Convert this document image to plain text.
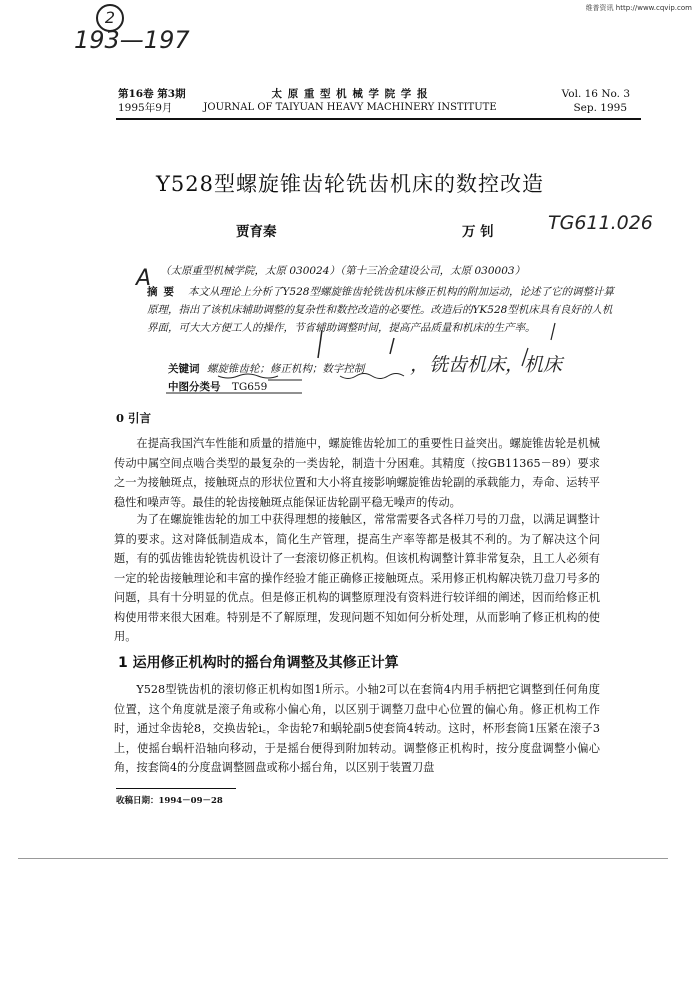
维普资讯 http://www.cqvip.com
2
193—197
第16卷 第3期
1995年9月
太 原 重 型 机 械 学 院 学 报
JOURNAL OF TAIYUAN HEAVY MACHINERY INSTITUTE
Vol. 16 No. 3
Sep. 1995
Y528型螺旋锥齿轮铣齿机床的数控改造
贾育秦	万 钊	TG611.026
（太原重型机械学院，太原 030024）（第十三冶金建设公司，太原 030003）
A
摘要 本文从理论上分析了Y528型螺旋锥齿轮铣齿机床修正机构的附加运动，论述了它的调整计算原理，指出了该机床辅助调整的复杂性和数控改造的必要性。改造后的YK528型机床具有良好的人机界面，可大大方便工人的操作，节省辅助调整时间，提高产品质量和机床的生产率。
关键词 螺旋锥齿轮；修正机构；数字控制 ，铣齿机床，机床
中图分类号 TG659
0 引言
在提高我国汽车性能和质量的措施中，螺旋锥齿轮加工的重要性日益突出。螺旋锥齿轮是机械传动中属空间点啮合类型的最复杂的一类齿轮，制造十分困难。其精度（按GB11365－89）要求之一为接触斑点，接触斑点的形状位置和大小将直接影响螺旋锥齿轮副的承载能力，寿命、运转平稳性和噪声等。最佳的轮齿接触斑点能保证齿轮副平稳无噪声的传动。
为了在螺旋锥齿轮的加工中获得理想的接触区，常常需要各式各样刀号的刀盘，以满足调整计算的要求。这对降低制造成本，简化生产管理，提高生产率等都是极其不利的。为了解决这个问题，有的弧齿锥齿轮铣齿机设计了一套滚切修正机构。但该机构调整计算非常复杂，且工人必须有一定的轮齿接触理论和丰富的操作经验才能正确修正接触斑点。采用修正机构解决铣刀盘刀号多的问题，具有十分明显的优点。但是修正机构的调整原理没有资料进行较详细的阐述，因而给修正机构使用带来很大困难。特别是不了解原理，发现问题不知如何分析处理，从而影响了修正机构的使用。
1 运用修正机构时的摇台角调整及其修正计算
Y528型铣齿机的滚切修正机构如图1所示。小轴2可以在套筒4内用手柄把它调整到任何角度位置，这个角度就是滚子角或称小偏心角，以区别于调整刀盘中心位置的偏心角。修正机构工作时，通过伞齿轮8，交换齿轮i꜀，伞齿轮7和蜗轮副5使套筒4转动。这时，杯形套筒1压紧在滚子3上，使摇台蜗杆沿轴向移动，于是摇台便得到附加转动。调整修正机构时，按分度盘调整小偏心角，按套筒4的分度盘调整圆盘或称小摇台角，以区别于装置刀盘
收稿日期：1994－09－28
